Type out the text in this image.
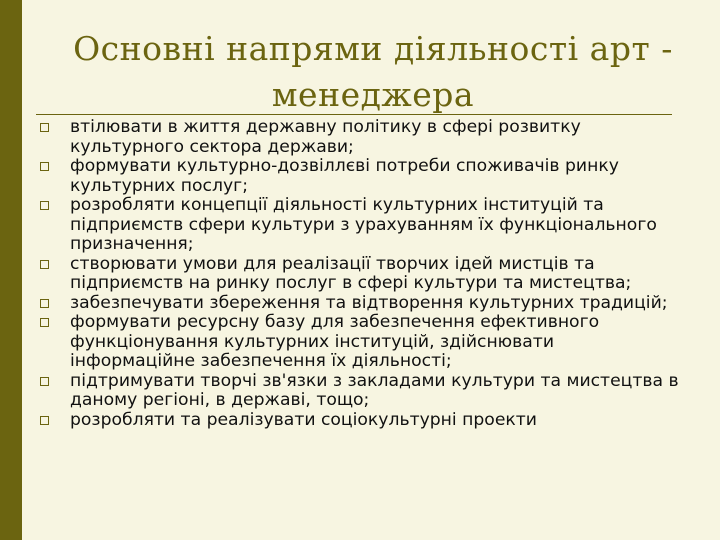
Основні напрями діяльності арт - менеджера
втілювати в життя державну політику в сфері розвитку культурного сектора держави;
формувати культурно-дозвіллєві потреби споживачів ринку культурних послуг;
розробляти концепції діяльності культурних інституцій та підприємств сфери культури з урахуванням їх функціонального призначення;
створювати умови для реалізації творчих ідей мистців та підприємств на ринку послуг в сфері культури та мистецтва;
забезпечувати збереження та відтворення культурних традицій;
формувати ресурсну базу для забезпечення ефективного функціонування культурних інституцій, здійснювати інформаційне забезпечення їх діяльності;
підтримувати творчі зв'язки з закладами культури та мистецтва в даному регіоні, в державі, тощо;
розробляти та реалізувати соціокультурні проекти
